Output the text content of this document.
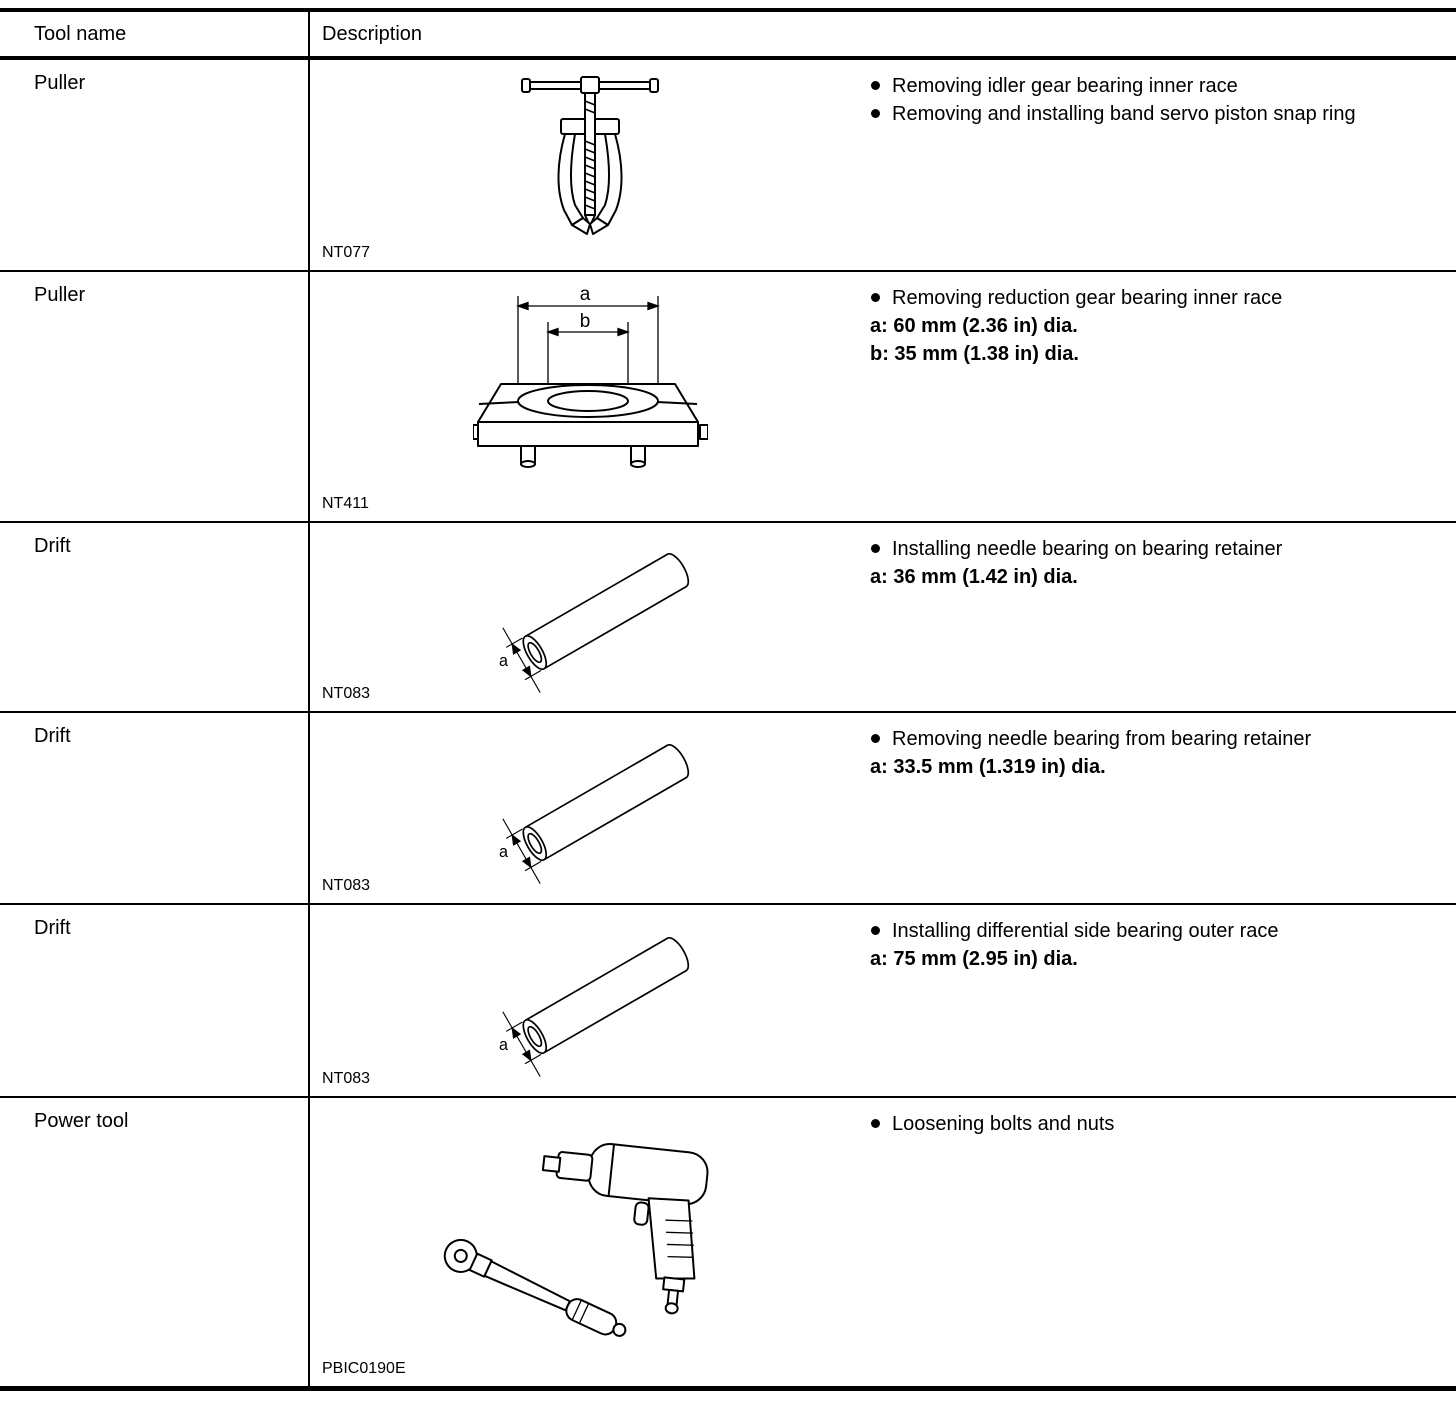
Tool name	Description
Puller
NT077
Removing idler gear bearing inner race
Removing and installing band servo piston snap ring
Puller	a
b
NT411
Removing reduction gear bearing inner race
a: 60 mm (2.36 in) dia.
b: 35 mm (1.38 in) dia.
Drift
a
NT083
Installing needle bearing on bearing retainer
a: 36 mm (1.42 in) dia.
Drift
a
NT083
Removing needle bearing from bearing retainer
a: 33.5 mm (1.319 in) dia.
Drift
a
NT083
Installing differential side bearing outer race
a: 75 mm (2.95 in) dia.
Power tool
PBIC0190E
Loosening bolts and nuts
